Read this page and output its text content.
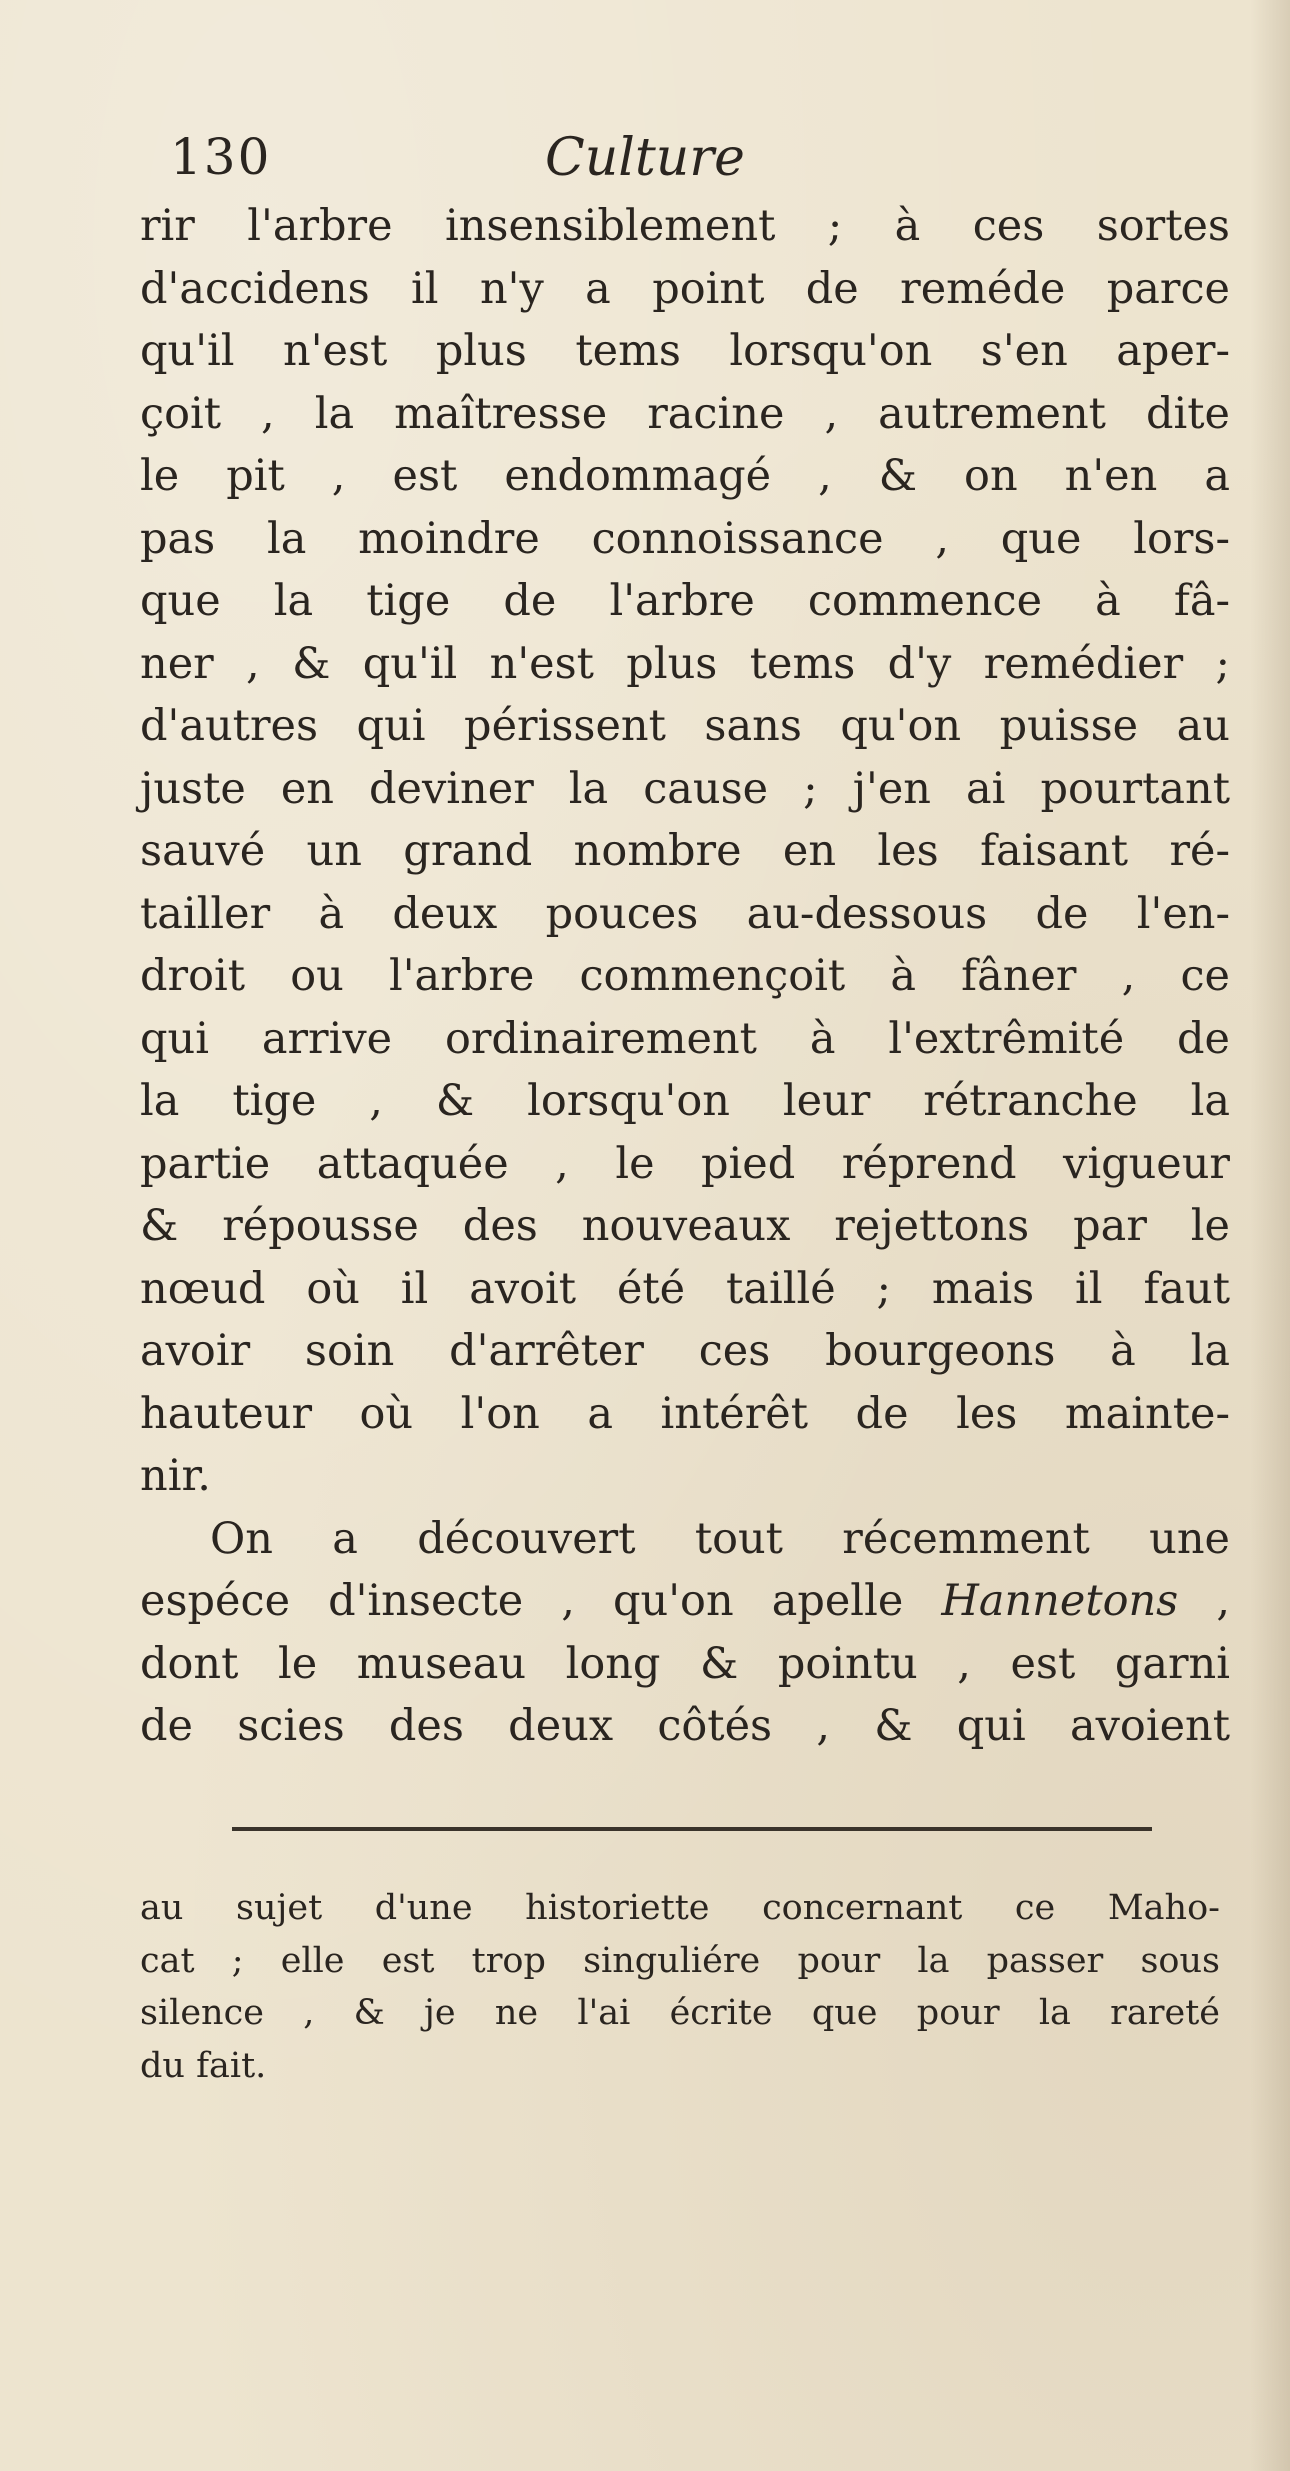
130	Culture
rir l'arbre insensiblement ; à ces sortes
d'accidens il n'y a point de reméde parce
qu'il n'est plus tems lorsqu'on s'en aper-
çoit , la maîtresse racine , autrement dite
le pit , est endommagé , & on n'en a
pas la moindre connoissance , que lors-
que la tige de l'arbre commence à fâ-
ner , & qu'il n'est plus tems d'y remédier ;
d'autres qui périssent sans qu'on puisse au
juste en deviner la cause ; j'en ai pourtant
sauvé un grand nombre en les faisant ré-
tailler à deux pouces au-dessous de l'en-
droit ou l'arbre commençoit à fâner , ce
qui arrive ordinairement à l'extrêmité de
la tige , & lorsqu'on leur rétranche la
partie attaquée , le pied réprend vigueur
& répousse des nouveaux rejettons par le
nœud où il avoit été taillé ; mais il faut
avoir soin d'arrêter ces bourgeons à la
hauteur où l'on a intérêt de les mainte-
nir.
On a découvert tout récemment une
espéce d'insecte , qu'on apelle Hannetons ,
dont le museau long & pointu , est garni
de scies des deux côtés , & qui avoient
au sujet d'une historiette concernant ce Maho-
cat ; elle est trop singuliére pour la passer sous
silence , & je ne l'ai écrite que pour la rareté
du fait.
